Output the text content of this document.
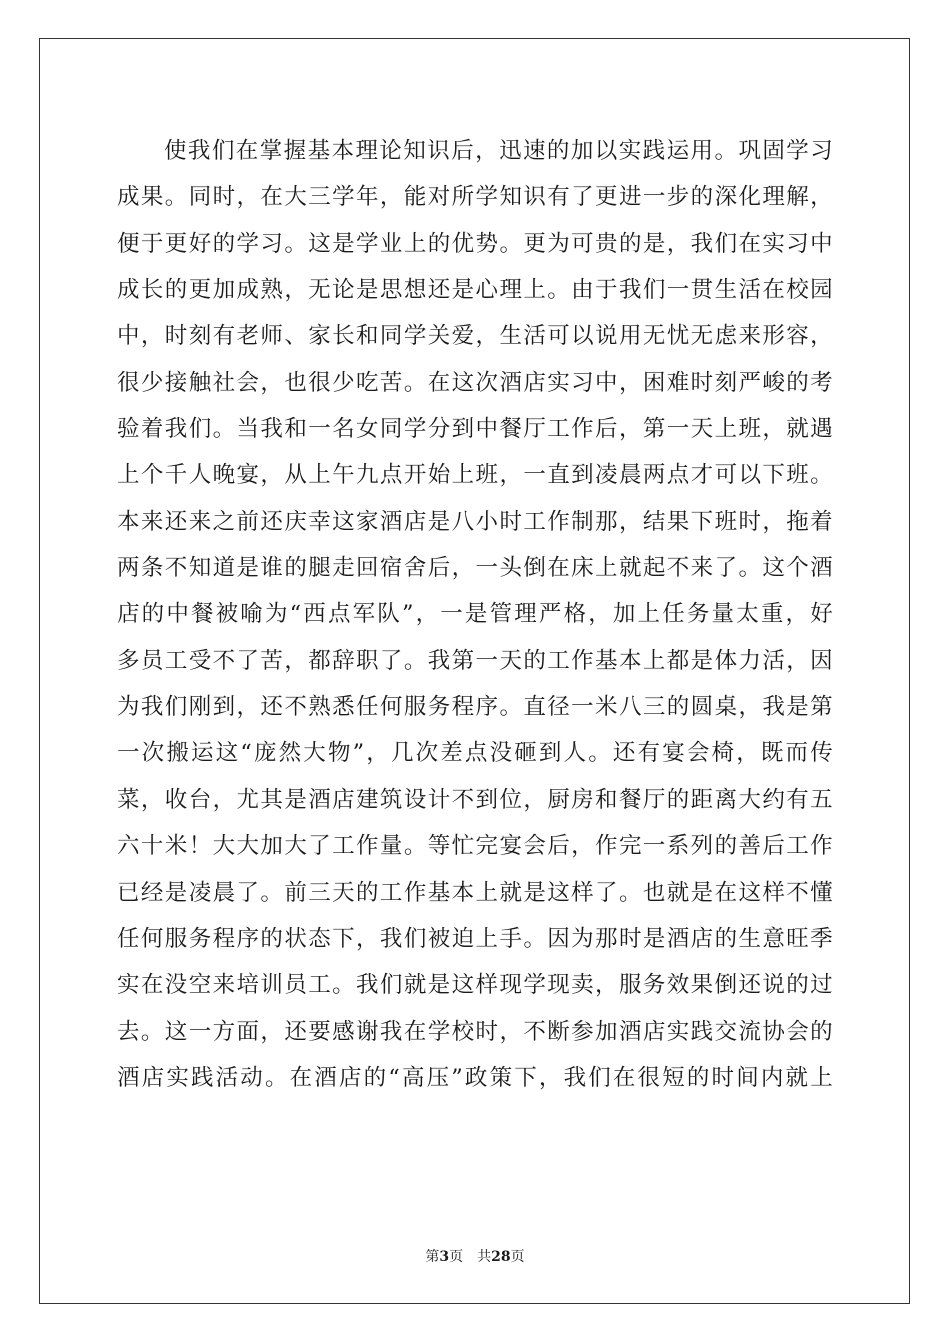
使我们在掌握基本理论知识后，迅速的加以实践运用。巩固学习
成果。同时，在大三学年，能对所学知识有了更进一步的深化理解，
便于更好的学习。这是学业上的优势。更为可贵的是，我们在实习中
成长的更加成熟，无论是思想还是心理上。由于我们一贯生活在校园
中，时刻有老师、家长和同学关爱，生活可以说用无忧无虑来形容，
很少接触社会，也很少吃苦。在这次酒店实习中，困难时刻严峻的考
验着我们。当我和一名女同学分到中餐厅工作后，第一天上班，就遇
上个千人晚宴，从上午九点开始上班，一直到凌晨两点才可以下班。
本来还来之前还庆幸这家酒店是八小时工作制那，结果下班时，拖着
两条不知道是谁的腿走回宿舍后，一头倒在床上就起不来了。这个酒
店的中餐被喻为“西点军队”，一是管理严格，加上任务量太重，好
多员工受不了苦，都辞职了。我第一天的工作基本上都是体力活，因
为我们刚到，还不熟悉任何服务程序。直径一米八三的圆桌，我是第
一次搬运这“庞然大物”，几次差点没砸到人。还有宴会椅，既而传
菜，收台，尤其是酒店建筑设计不到位，厨房和餐厅的距离大约有五
六十米！大大加大了工作量。等忙完宴会后，作完一系列的善后工作
已经是凌晨了。前三天的工作基本上就是这样了。也就是在这样不懂
任何服务程序的状态下，我们被迫上手。因为那时是酒店的生意旺季
实在没空来培训员工。我们就是这样现学现卖，服务效果倒还说的过
去。这一方面，还要感谢我在学校时，不断参加酒店实践交流协会的
酒店实践活动。在酒店的“高压”政策下，我们在很短的时间内就上
第3页 共28页
